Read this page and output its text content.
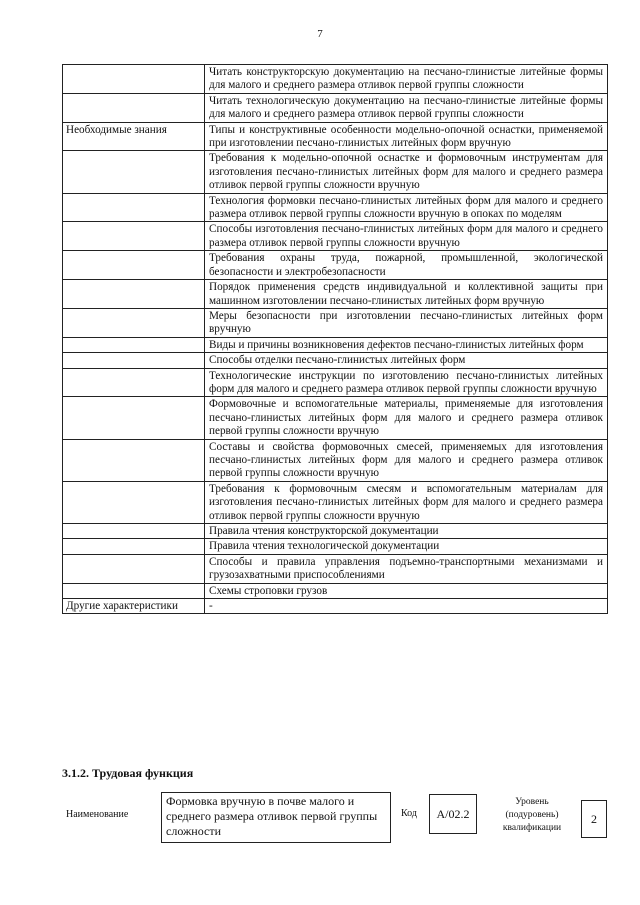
7
	Читать конструкторскую документацию на песчано-глинистые литейные формы для малого и среднего размера отливок первой группы сложности
	Читать технологическую документацию на песчано-глинистые литейные формы для малого и среднего размера отливок первой группы сложности
Необходимые знания	Типы и конструктивные особенности модельно-опочной оснастки, применяемой при изготовлении песчано-глинистых литейных форм вручную
	Требования к модельно-опочной оснастке и формовочным инструментам для изготовления песчано-глинистых литейных форм для малого и среднего размера отливок первой группы сложности вручную
	Технология формовки песчано-глинистых литейных форм для малого и среднего размера отливок первой группы сложности вручную в опоках по моделям
	Способы изготовления песчано-глинистых литейных форм для малого и среднего размера отливок первой группы сложности вручную
	Требования охраны труда, пожарной, промышленной, экологической безопасности и электробезопасности
	Порядок применения средств индивидуальной и коллективной защиты при машинном изготовлении песчано-глинистых литейных форм вручную
	Меры безопасности при изготовлении песчано-глинистых литейных форм вручную
	Виды и причины возникновения дефектов песчано-глинистых литейных форм
	Способы отделки песчано-глинистых литейных форм
	Технологические инструкции по изготовлению песчано-глинистых литейных форм для малого и среднего размера отливок первой группы сложности вручную
	Формовочные и вспомогательные материалы, применяемые для изготовления песчано-глинистых литейных форм для малого и среднего размера отливок первой группы сложности вручную
	Составы и свойства формовочных смесей, применяемых для изготовления песчано-глинистых литейных форм для малого и среднего размера отливок первой группы сложности вручную
	Требования к формовочным смесям и вспомогательным материалам для изготовления песчано-глинистых литейных форм для малого и среднего размера отливок первой группы сложности вручную
	Правила чтения конструкторской документации
	Правила чтения технологической документации
	Способы и правила управления подъемно-транспортными механизмами и грузозахватными приспособлениями
	Схемы строповки грузов
Другие характеристики	-
3.1.2. Трудовая функция
Наименование
Формовка вручную в почве малого и среднего размера отливок первой группы сложности
Код	А/02.2
Уровень
(подуровень)
квалификации
2
